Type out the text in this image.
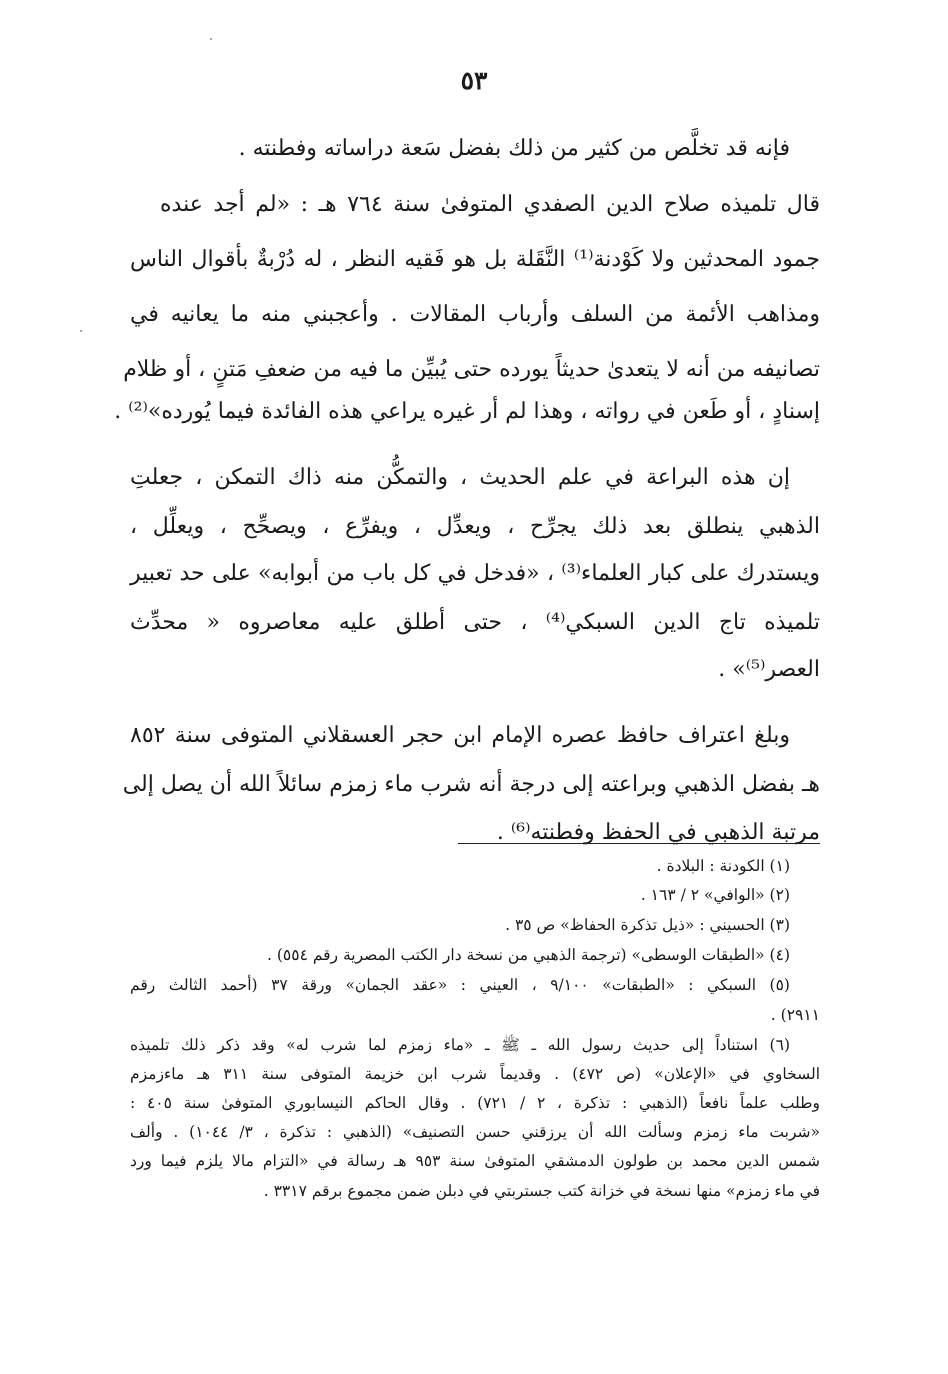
٥٣
فإنه قد تخلَّص من كثير من ذلك بفضل سَعة دراساته وفطنته .
قال تلميذه صلاح الدين الصفدي المتوفىٰ سنة ٧٦٤ هـ : «لم أجد عنده
جمود المحدثين ولا كَوْدنة⁽¹⁾ النَّقَلة بل هو فَقيه النظر ، له دُرْبةٌ بأقوال الناس
ومذاهب الأئمة من السلف وأرباب المقالات . وأعجبني منه ما يعانيه في
تصانيفه من أنه لا يتعدىٰ حديثاً يورده حتى يُبيِّن ما فيه من ضعفِ مَتنٍ ، أو ظلام
إسنادٍ ، أو طَعن في رواته ، وهذا لم أر غيره يراعي هذه الفائدة فيما يُورده»⁽²⁾ .
إن هذه البراعة في علم الحديث ، والتمكُّن منه ذاك التمكن ، جعلتِ
الذهبي ينطلق بعد ذلك يجرِّح ، ويعدِّل ، ويفرِّع ، ويصحِّح ، ويعلِّل ،
ويستدرك على كبار العلماء⁽³⁾ ، «فدخل في كل باب من أبوابه» على حد تعبير
تلميذه تاج الدين السبكي⁽⁴⁾ ، حتى أطلق عليه معاصروه « محدِّث
العصر⁽⁵⁾» .
وبلغ اعتراف حافظ عصره الإمام ابن حجر العسقلاني المتوفى سنة ٨٥٢
هـ بفضل الذهبي وبراعته إلى درجة أنه شرب ماء زمزم سائلاً الله أن يصل إلى
مرتبة الذهبي في الحفظ وفطنته⁽⁶⁾ .
(١) الكودنة : البلادة .
(٢) «الوافي» ٢ / ١٦٣ .
(٣) الحسيني : «ذيل تذكرة الحفاظ» ص ٣٥ .
(٤) «الطبقات الوسطى» (ترجمة الذهبي من نسخة دار الكتب المصرية رقم ٥٥٤) .
(٥) السبكي : «الطبقات» ٩/١٠٠ ، العيني : «عقد الجمان» ورقة ٣٧ (أحمد الثالث رقم
٢٩١١) .
(٦) استناداً إلى حديث رسول الله ـ ﷺ ـ «ماء زمزم لما شرب له» وقد ذكر ذلك تلميذه
السخاوي في «الإعلان» (ص ٤٧٢) . وقديماً شرب ابن خزيمة المتوفى سنة ٣١١ هـ ماءزمزم
وطلب علماً نافعاً (الذهبي : تذكرة ، ٢ / ٧٢١) . وقال الحاكم النيسابوري المتوفىٰ سنة ٤٠٥ :
«شربت ماء زمزم وسألت الله أن يرزقني حسن التصنيف» (الذهبي : تذكرة ، ٣/ ١٠٤٤) . وألف
شمس الدين محمد بن طولون الدمشقي المتوفىٰ سنة ٩٥٣ هـ رسالة في «التزام مالا يلزم فيما ورد
في ماء زمزم» منها نسخة في خزانة كتب جستربتي في دبلن ضمن مجموع برقم ٣٣١٧ .
